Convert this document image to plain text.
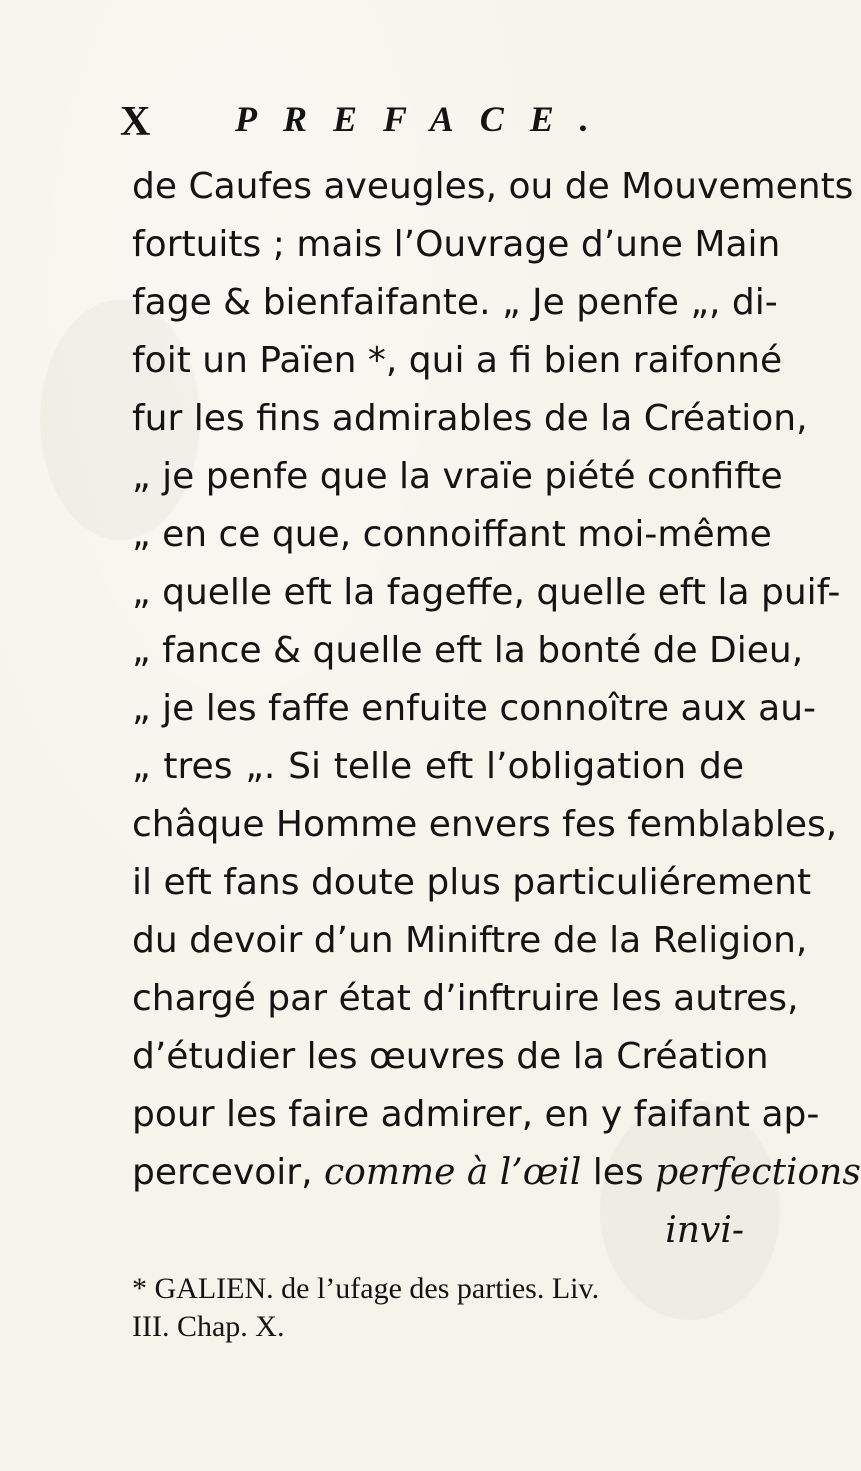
X PREFACE.
de Caufes aveugles, ou de Mouvements
fortuits ; mais l’Ouvrage d’une Main
fage & bienfaifante. „ Je penfe „, di-
foit un Païen *, qui a fi bien raifonné
fur les fins admirables de la Création,
„ je penfe que la vraïe piété confifte
„ en ce que, connoiffant moi-même
„ quelle eft la fageffe, quelle eft la puif-
„ fance & quelle eft la bonté de Dieu,
„ je les faffe enfuite connoître aux au-
„ tres „. Si telle eft l’obligation de
châque Homme envers fes femblables,
il eft fans doute plus particuliérement
du devoir d’un Miniftre de la Religion,
chargé par état d’inftruire les autres,
d’étudier les œuvres de la Création
pour les faire admirer, en y faifant ap-
percevoir, comme à l’œil les perfections
invi-
* GALIEN. de l’ufage des parties. Liv.
III. Chap. X.
